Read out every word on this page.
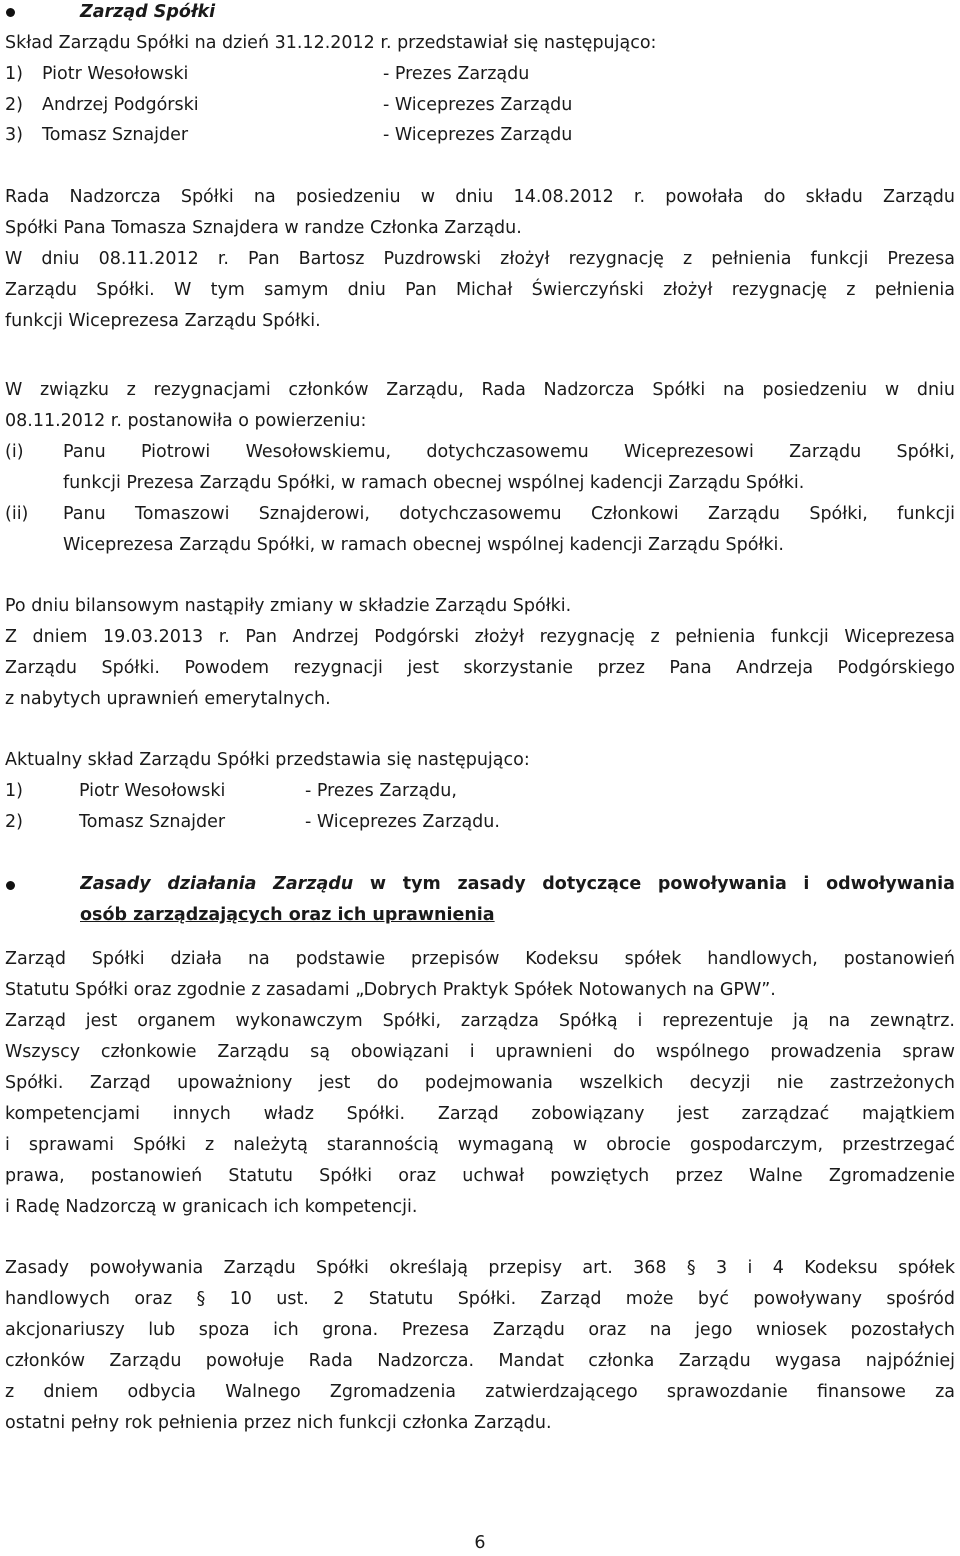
Zarząd Spółki
Skład Zarządu Spółki na dzień 31.12.2012 r. przedstawiał się następująco:
1) Piotr Wesołowski	- Prezes Zarządu
2) Andrzej Podgórski	- Wiceprezes Zarządu
3) Tomasz Sznajder	- Wiceprezes Zarządu
Rada Nadzorcza Spółki na posiedzeniu w dniu 14.08.2012 r. powołała do składu Zarządu
Spółki Pana Tomasza Sznajdera w randze Członka Zarządu.
W dniu 08.11.2012 r. Pan Bartosz Puzdrowski złożył rezygnację z pełnienia funkcji Prezesa
Zarządu Spółki. W tym samym dniu Pan Michał Świerczyński złożył rezygnację z pełnienia
funkcji Wiceprezesa Zarządu Spółki.
W związku z rezygnacjami członków Zarządu, Rada Nadzorcza Spółki na posiedzeniu w dniu
08.11.2012 r. postanowiła o powierzeniu:
(i) Panu Piotrowi Wesołowskiemu, dotychczasowemu Wiceprezesowi Zarządu Spółki,
funkcji Prezesa Zarządu Spółki, w ramach obecnej wspólnej kadencji Zarządu Spółki.
(ii) Panu Tomaszowi Sznajderowi, dotychczasowemu Członkowi Zarządu Spółki, funkcji
Wiceprezesa Zarządu Spółki, w ramach obecnej wspólnej kadencji Zarządu Spółki.
Po dniu bilansowym nastąpiły zmiany w składzie Zarządu Spółki.
Z dniem 19.03.2013 r. Pan Andrzej Podgórski złożył rezygnację z pełnienia funkcji Wiceprezesa
Zarządu Spółki. Powodem rezygnacji jest skorzystanie przez Pana Andrzeja Podgórskiego
z nabytych uprawnień emerytalnych.
Aktualny skład Zarządu Spółki przedstawia się następująco:
1)	Piotr Wesołowski	- Prezes Zarządu,
2)	Tomasz Sznajder	- Wiceprezes Zarządu.
Zasady działania Zarządu w tym zasady dotyczące powoływania i odwoływania
osób zarządzających oraz ich uprawnienia
Zarząd Spółki działa na podstawie przepisów Kodeksu spółek handlowych, postanowień
Statutu Spółki oraz zgodnie z zasadami „Dobrych Praktyk Spółek Notowanych na GPW”.
Zarząd jest organem wykonawczym Spółki, zarządza Spółką i reprezentuje ją na zewnątrz.
Wszyscy członkowie Zarządu są obowiązani i uprawnieni do wspólnego prowadzenia spraw
Spółki. Zarząd upoważniony jest do podejmowania wszelkich decyzji nie zastrzeżonych
kompetencjami innych władz Spółki. Zarząd zobowiązany jest zarządzać majątkiem
i sprawami Spółki z należytą starannością wymaganą w obrocie gospodarczym, przestrzegać
prawa, postanowień Statutu Spółki oraz uchwał powziętych przez Walne Zgromadzenie
i Radę Nadzorczą w granicach ich kompetencji.
Zasady powoływania Zarządu Spółki określają przepisy art. 368 § 3 i 4 Kodeksu spółek
handlowych oraz § 10 ust. 2 Statutu Spółki. Zarząd może być powoływany spośród
akcjonariuszy lub spoza ich grona. Prezesa Zarządu oraz na jego wniosek pozostałych
członków Zarządu powołuje Rada Nadzorcza. Mandat członka Zarządu wygasa najpóźniej
z dniem odbycia Walnego Zgromadzenia zatwierdzającego sprawozdanie finansowe za
ostatni pełny rok pełnienia przez nich funkcji członka Zarządu.
6
